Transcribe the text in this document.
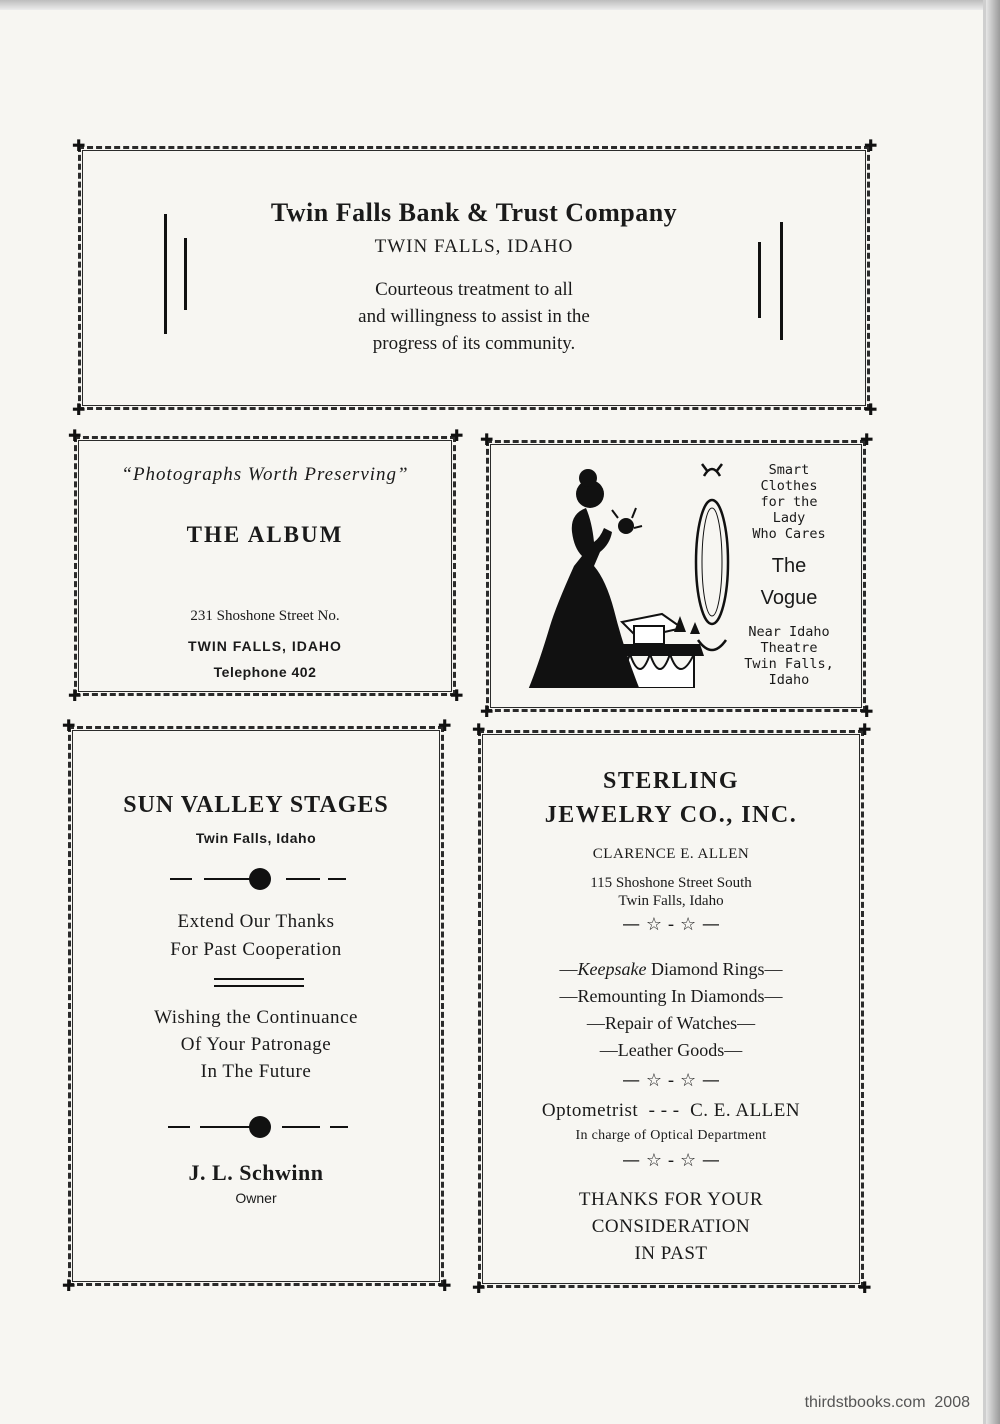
✚	✚
✚	✚
Twin Falls Bank & Trust Company
TWIN FALLS, IDAHO
Courteous treatment to all
and willingness to assist in the
progress of its community.
✚	✚
✚	✚
“Photographs Worth Preserving”
THE ALBUM
231 Shoshone Street No.
TWIN FALLS, IDAHO
Telephone 402
✚	✚
✚	✚
Smart
Clothes
for the
Lady
Who Cares
The
Vogue
Near Idaho
Theatre
Twin Falls,
Idaho
✚	✚
✚	✚
SUN VALLEY STAGES
Twin Falls, Idaho
Extend Our Thanks
For Past Cooperation
Wishing the Continuance
Of Your Patronage
In The Future
J. L. Schwinn
Owner
✚	✚
✚	✚
STERLING
JEWELRY CO., INC.
CLARENCE E. ALLEN
115 Shoshone Street South
Twin Falls, Idaho
— ☆ - ☆ —
—Keepsake Diamond Rings—
—Remounting In Diamonds—
—Repair of Watches—
—Leather Goods—
— ☆ - ☆ —
Optometrist  - - -  C. E. ALLEN
In charge of Optical Department
— ☆ - ☆ —
THANKS FOR YOUR
CONSIDERATION
IN PAST
thirdstbooks.com  2008
